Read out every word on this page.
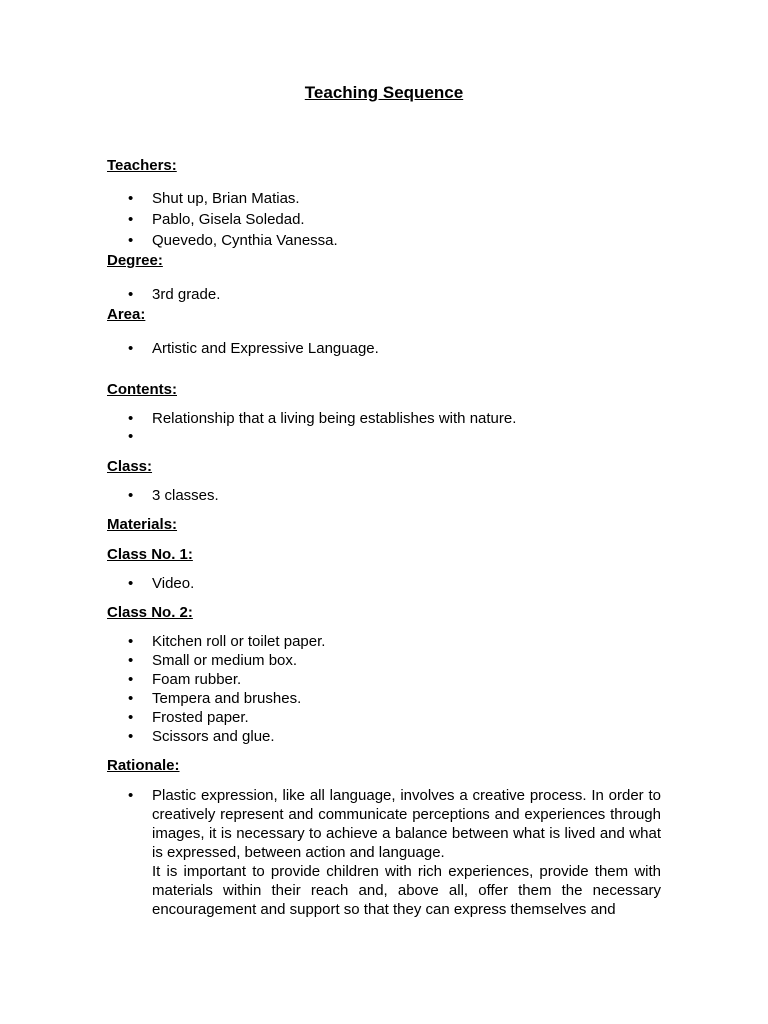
Teaching Sequence
Teachers:
•	Shut up, Brian Matias.
•	Pablo, Gisela Soledad.
•	Quevedo, Cynthia Vanessa.
Degree:
•	3rd grade.
Area:
•	Artistic and Expressive Language.
Contents:
•	Relationship that a living being establishes with nature.
•
Class:
•	3 classes.
Materials:
Class No. 1:
•	Video.
Class No. 2:
•	Kitchen roll or toilet paper.
•	Small or medium box.
•	Foam rubber.
•	Tempera and brushes.
•	Frosted paper.
•	Scissors and glue.
Rationale:
•	Plastic expression, like all language, involves a creative process. In order to creatively represent and communicate perceptions and experiences through images, it is necessary to achieve a balance between what is lived and what is expressed, between action and language.

It is important to provide children with rich experiences, provide them with materials within their reach and, above all, offer them the necessary encouragement and support so that they can express themselves and
